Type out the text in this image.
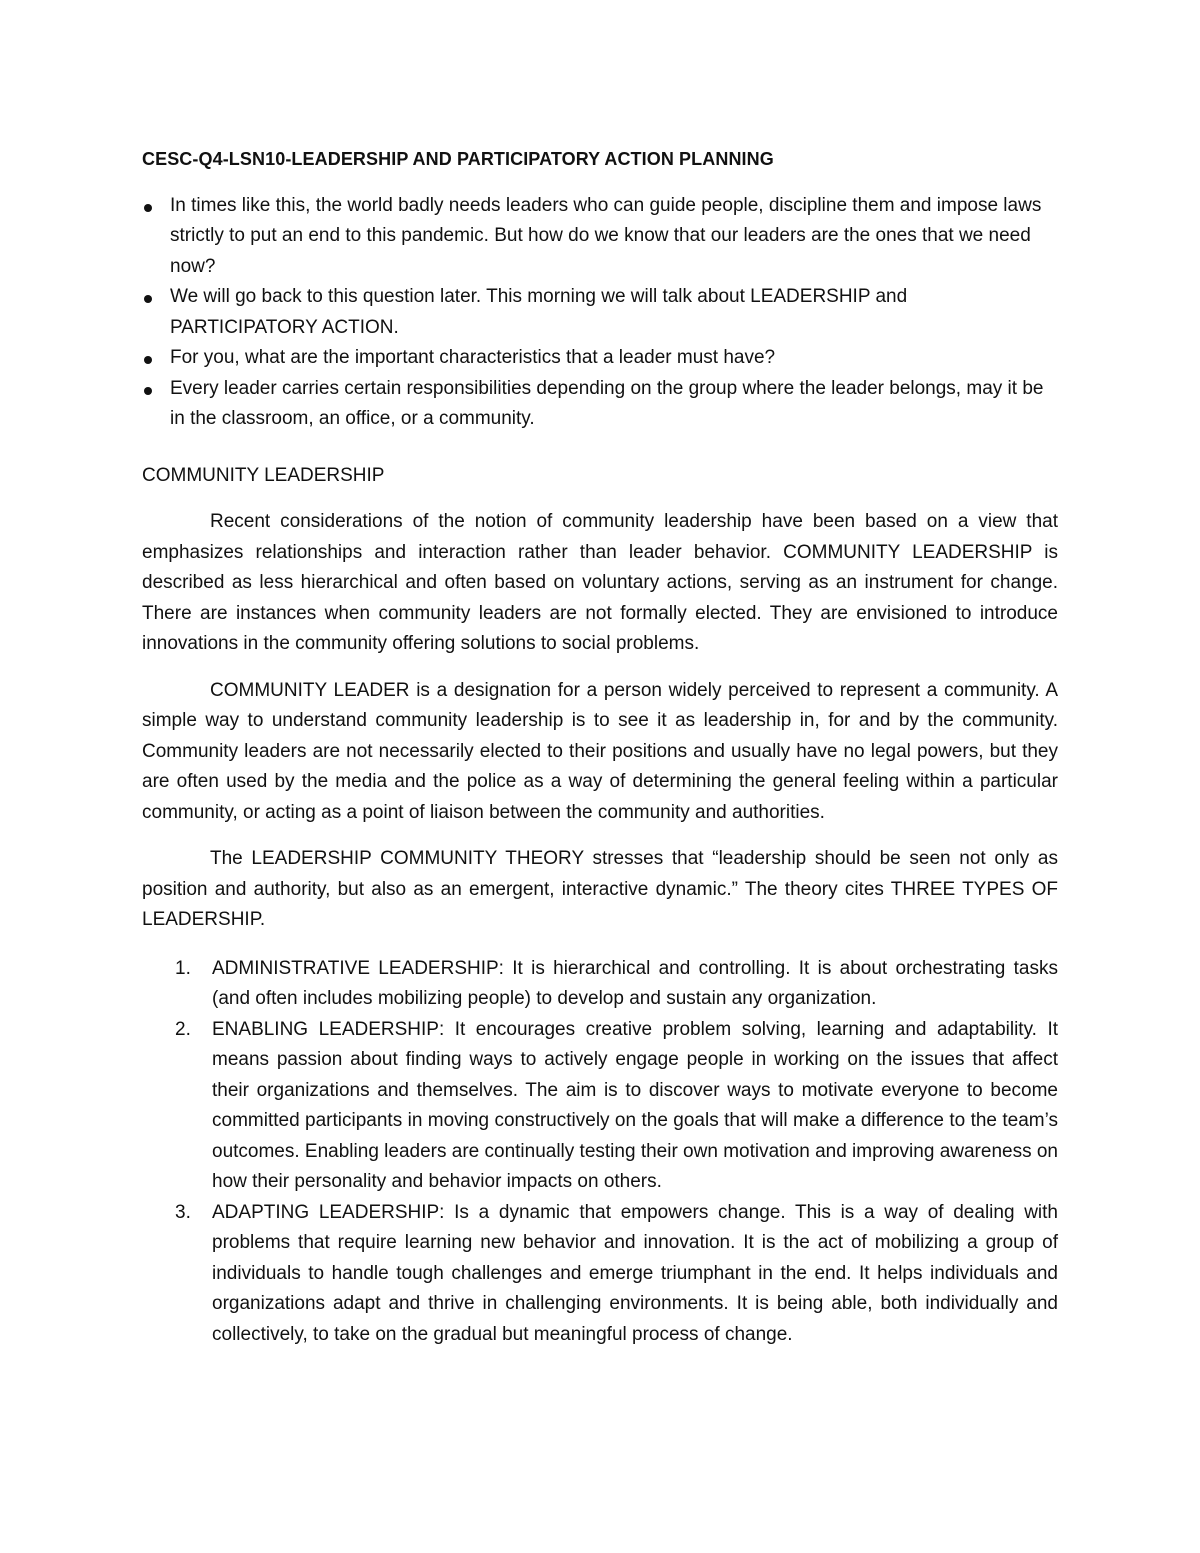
CESC-Q4-LSN10-LEADERSHIP AND PARTICIPATORY ACTION PLANNING
In times like this, the world badly needs leaders who can guide people, discipline them and impose laws strictly to put an end to this pandemic. But how do we know that our leaders are the ones that we need now?
We will go back to this question later. This morning we will talk about LEADERSHIP and PARTICIPATORY ACTION.
For you, what are the important characteristics that a leader must have?
Every leader carries certain responsibilities depending on the group where the leader belongs, may it be in the classroom, an office, or a community.
COMMUNITY LEADERSHIP

Recent considerations of the notion of community leadership have been based on a view that emphasizes relationships and interaction rather than leader behavior. COMMUNITY LEADERSHIP is described as less hierarchical and often based on voluntary actions, serving as an instrument for change. There are instances when community leaders are not formally elected. They are envisioned to introduce innovations in the community offering solutions to social problems.

COMMUNITY LEADER is a designation for a person widely perceived to represent a community. A simple way to understand community leadership is to see it as leadership in, for and by the community. Community leaders are not necessarily elected to their positions and usually have no legal powers, but they are often used by the media and the police as a way of determining the general feeling within a particular community, or acting as a point of liaison between the community and authorities.

The LEADERSHIP COMMUNITY THEORY stresses that “leadership should be seen not only as position and authority, but also as an emergent, interactive dynamic.” The theory cites THREE TYPES OF LEADERSHIP.

1. ADMINISTRATIVE LEADERSHIP: It is hierarchical and controlling. It is about orchestrating tasks (and often includes mobilizing people) to develop and sustain any organization.
2. ENABLING LEADERSHIP: It encourages creative problem solving, learning and adaptability. It means passion about finding ways to actively engage people in working on the issues that affect their organizations and themselves. The aim is to discover ways to motivate everyone to become committed participants in moving constructively on the goals that will make a difference to the team’s outcomes. Enabling leaders are continually testing their own motivation and improving awareness on how their personality and behavior impacts on others.
3. ADAPTING LEADERSHIP: Is a dynamic that empowers change. This is a way of dealing with problems that require learning new behavior and innovation. It is the act of mobilizing a group of individuals to handle tough challenges and emerge triumphant in the end. It helps individuals and organizations adapt and thrive in challenging environments. It is being able, both individually and collectively, to take on the gradual but meaningful process of change.
